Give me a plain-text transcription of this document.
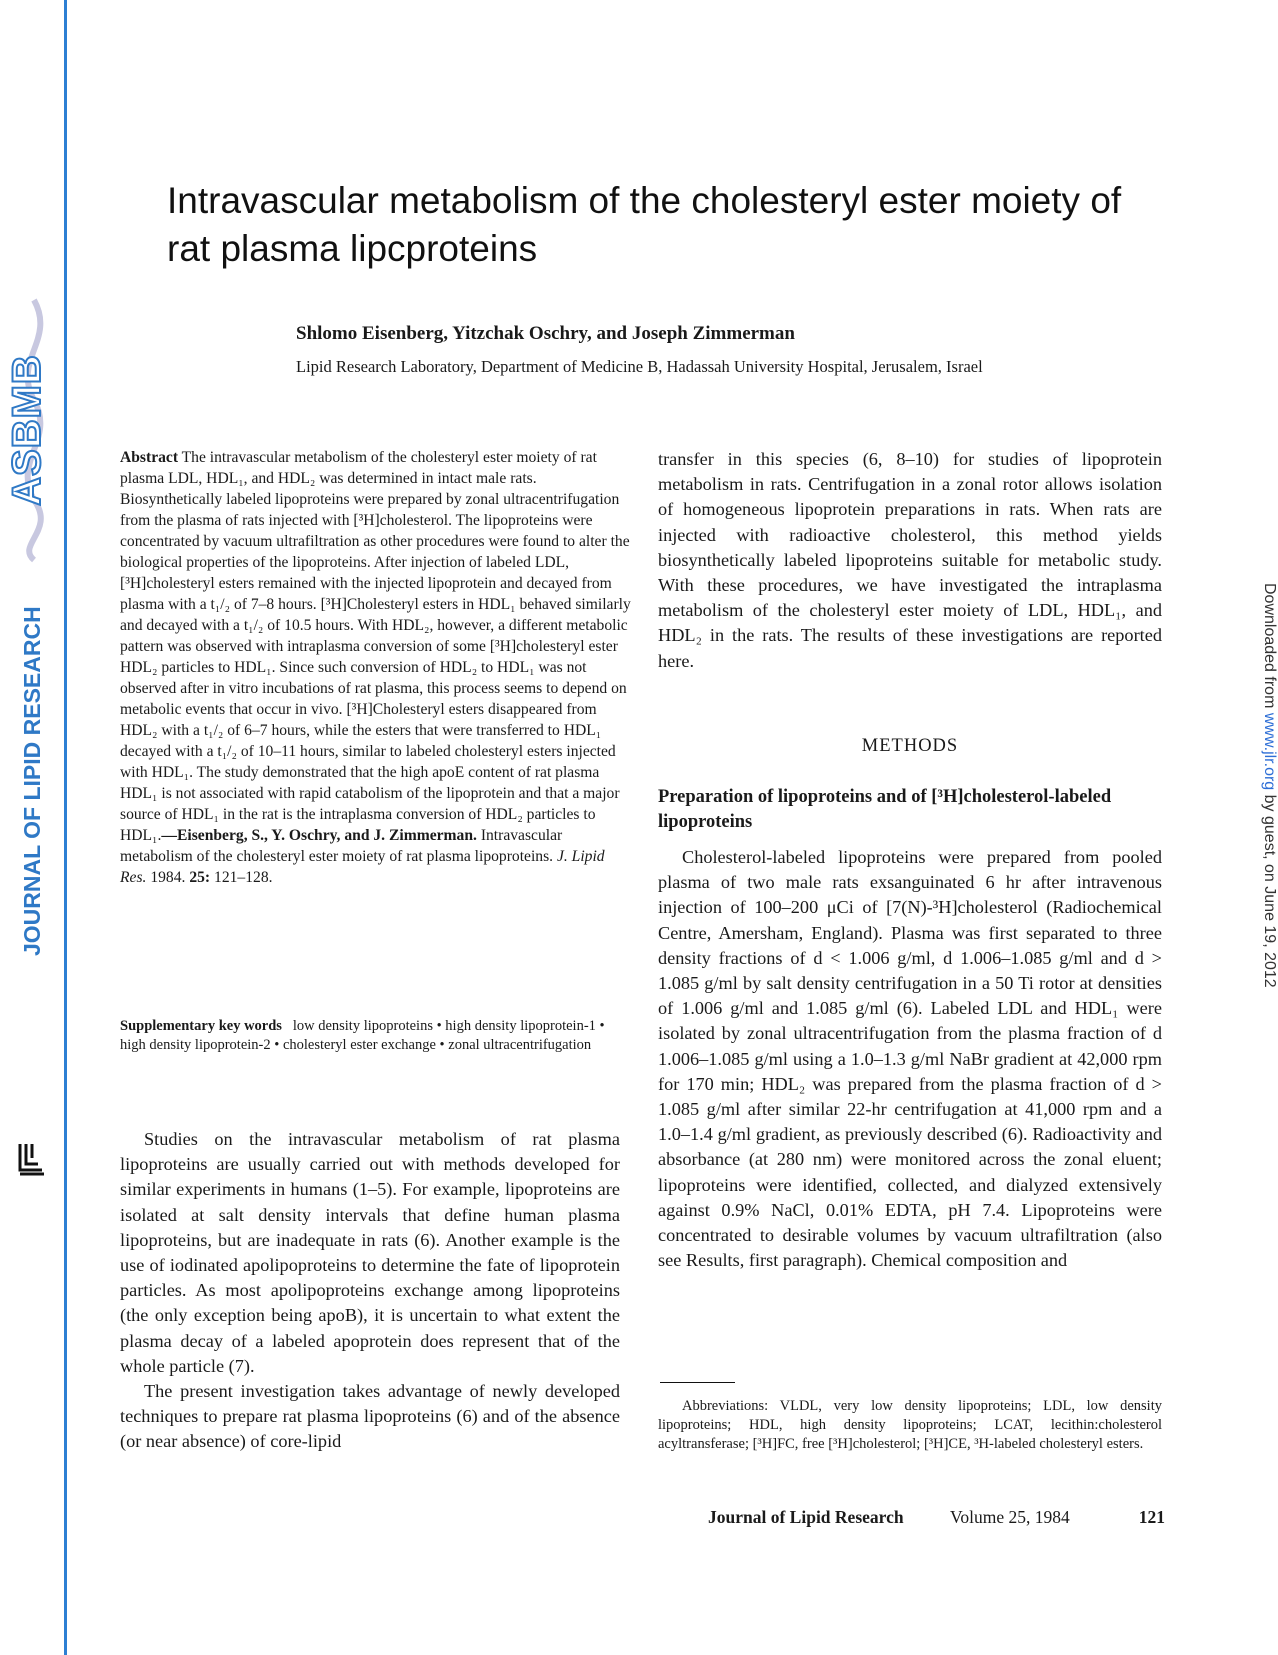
ASBMB
JOURNAL OF LIPID RESEARCH	Downloaded from www.jlr.org by guest, on June 19, 2012
Intravascular metabolism of the cholesteryl ester moiety of rat plasma lipcproteins
Shlomo Eisenberg, Yitzchak Oschry, and Joseph Zimmerman
Lipid Research Laboratory, Department of Medicine B, Hadassah University Hospital, Jerusalem, Israel
Abstract The intravascular metabolism of the cholesteryl ester moiety of rat plasma LDL, HDL₁, and HDL₂ was determined in intact male rats. Biosynthetically labeled lipoproteins were prepared by zonal ultracentrifugation from the plasma of rats injected with [³H]cholesterol. The lipoproteins were concentrated by vacuum ultrafiltration as other procedures were found to alter the biological properties of the lipoproteins. After injection of labeled LDL, [³H]cholesteryl esters remained with the injected lipoprotein and decayed from plasma with a t₁/₂ of 7–8 hours. [³H]Cholesteryl esters in HDL₁ behaved similarly and decayed with a t₁/₂ of 10.5 hours. With HDL₂, however, a different metabolic pattern was observed with intraplasma conversion of some [³H]cholesteryl ester HDL₂ particles to HDL₁. Since such conversion of HDL₂ to HDL₁ was not observed after in vitro incubations of rat plasma, this process seems to depend on metabolic events that occur in vivo. [³H]Cholesteryl esters disappeared from HDL₂ with a t₁/₂ of 6–7 hours, while the esters that were transferred to HDL₁ decayed with a t₁/₂ of 10–11 hours, similar to labeled cholesteryl esters injected with HDL₁. The study demonstrated that the high apoE content of rat plasma HDL₁ is not associated with rapid catabolism of the lipoprotein and that a major source of HDL₁ in the rat is the intraplasma conversion of HDL₂ particles to HDL₁.—Eisenberg, S., Y. Oschry, and J. Zimmerman. Intravascular metabolism of the cholesteryl ester moiety of rat plasma lipoproteins. J. Lipid Res. 1984. 25: 121–128.
Supplementary key words low density lipoproteins • high density lipoprotein-1 • high density lipoprotein-2 • cholesteryl ester exchange • zonal ultracentrifugation

Studies on the intravascular metabolism of rat plasma lipoproteins are usually carried out with methods developed for similar experiments in humans (1–5). For example, lipoproteins are isolated at salt density intervals that define human plasma lipoproteins, but are inadequate in rats (6). Another example is the use of iodinated apolipoproteins to determine the fate of lipoprotein particles. As most apolipoproteins exchange among lipoproteins (the only exception being apoB), it is uncertain to what extent the plasma decay of a labeled apoprotein does represent that of the whole particle (7).

The present investigation takes advantage of newly developed techniques to prepare rat plasma lipoproteins (6) and of the absence (or near absence) of core-lipid

transfer in this species (6, 8–10) for studies of lipoprotein metabolism in rats. Centrifugation in a zonal rotor allows isolation of homogeneous lipoprotein preparations in rats. When rats are injected with radioactive cholesterol, this method yields biosynthetically labeled lipoproteins suitable for metabolic study. With these procedures, we have investigated the intraplasma metabolism of the cholesteryl ester moiety of LDL, HDL₁, and HDL₂ in the rats. The results of these investigations are reported here.

METHODS
Preparation of lipoproteins and of [³H]cholesterol-labeled lipoproteins

Cholesterol-labeled lipoproteins were prepared from pooled plasma of two male rats exsanguinated 6 hr after intravenous injection of 100–200 μCi of [7(N)-³H]cholesterol (Radiochemical Centre, Amersham, England). Plasma was first separated to three density fractions of d < 1.006 g/ml, d 1.006–1.085 g/ml and d > 1.085 g/ml by salt density centrifugation in a 50 Ti rotor at densities of 1.006 g/ml and 1.085 g/ml (6). Labeled LDL and HDL₁ were isolated by zonal ultracentrifugation from the plasma fraction of d 1.006–1.085 g/ml using a 1.0–1.3 g/ml NaBr gradient at 42,000 rpm for 170 min; HDL₂ was prepared from the plasma fraction of d > 1.085 g/ml after similar 22-hr centrifugation at 41,000 rpm and a 1.0–1.4 g/ml gradient, as previously described (6). Radioactivity and absorbance (at 280 nm) were monitored across the zonal eluent; lipoproteins were identified, collected, and dialyzed extensively against 0.9% NaCl, 0.01% EDTA, pH 7.4. Lipoproteins were concentrated to desirable volumes by vacuum ultrafiltration (also see Results, first paragraph). Chemical composition and

Abbreviations: VLDL, very low density lipoproteins; LDL, low density lipoproteins; HDL, high density lipoproteins; LCAT, lecithin:cholesterol acyltransferase; [³H]FC, free [³H]cholesterol; [³H]CE, ³H-labeled cholesteryl esters.

Journal of Lipid Research	Volume 25, 1984	121
